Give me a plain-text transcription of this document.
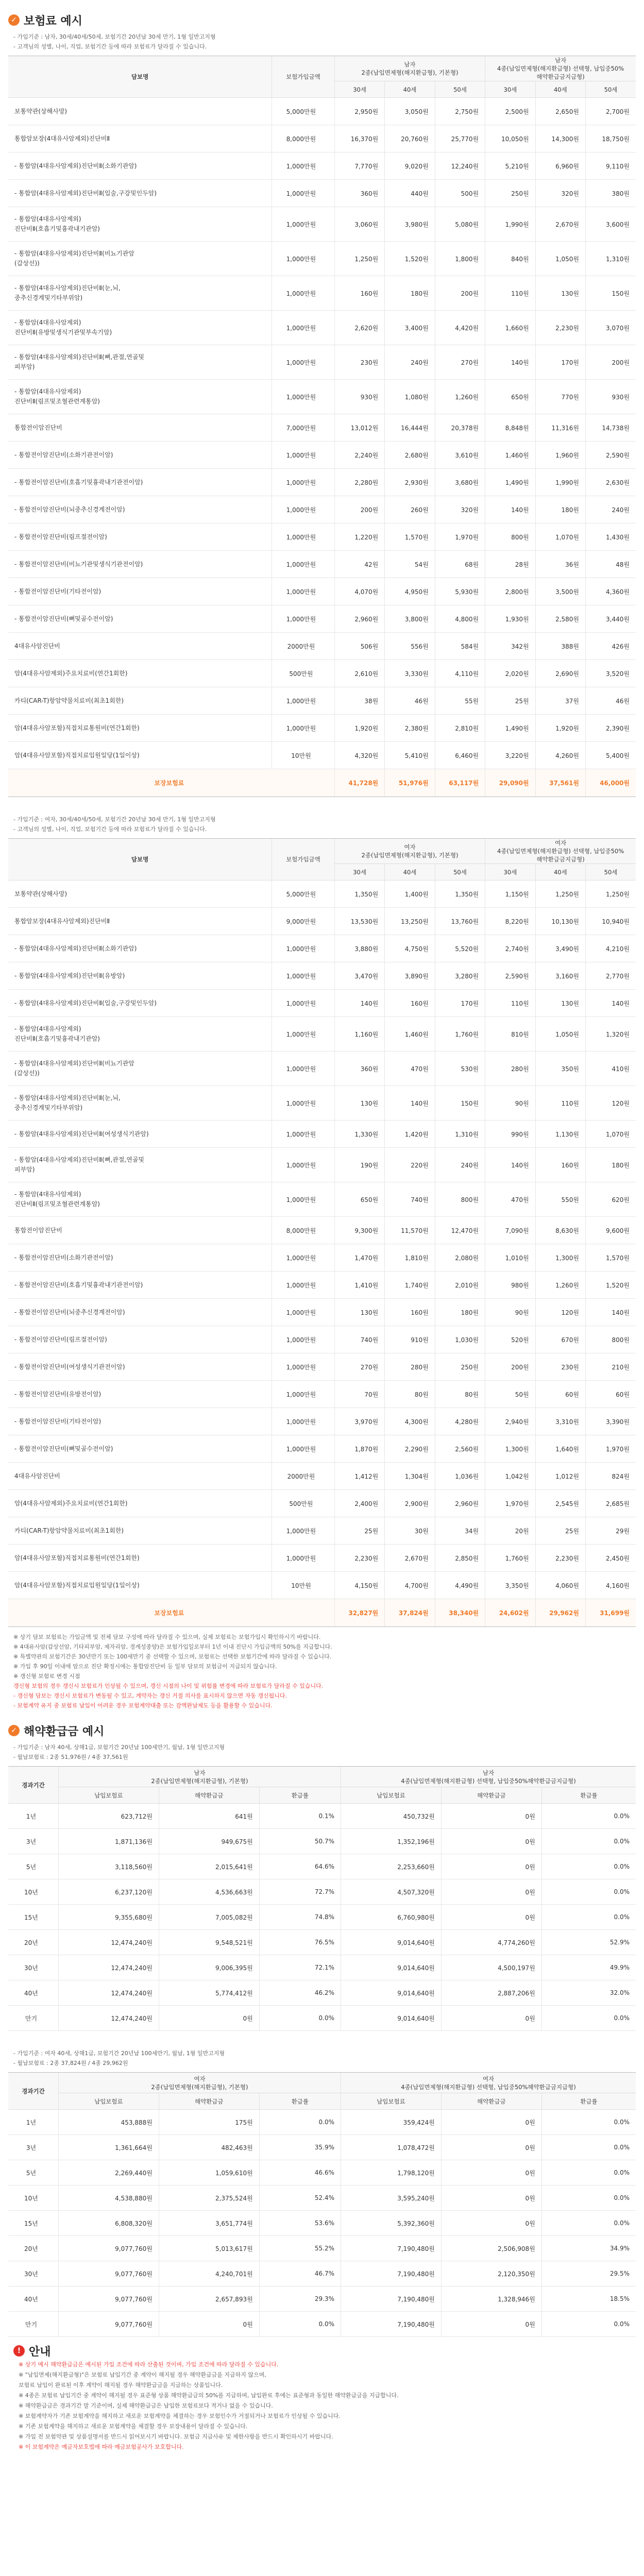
✓ 보험료 예시
- 가입기준 : 남자, 30세/40세/50세, 보험기간 20년납 30세 만기, 1형 일반고지형
- 고객님의 성별, 나이, 직업, 보험기간 등에 따라 보험료가 달라질 수 있습니다.
담보명	보험가입금액	남자
2종(납입면제형(해지환급형), 기본형)			남자
4종(납입면제형(해지환급형) 선택형, 납입중50%
해약환급금지급형)		
		30세	40세	50세	30세	40세	50세
보통약관(상해사망)	5,000만원	2,950원	3,050원	2,750원	2,500원	2,650원	2,700원
통합암보장(4대유사암제외)진단비Ⅱ	8,000만원	16,370원	20,760원	25,770원	10,050원	14,300원	18,750원
- 통합암(4대유사암제외)진단비Ⅱ(소화기관암)	1,000만원	7,770원	9,020원	12,240원	5,210원	6,960원	9,110원
- 통합암(4대유사암제외)진단비Ⅱ(입술,구강및인두암)	1,000만원	360원	440원	500원	250원	320원	380원
- 통합암(4대유사암제외)
진단비Ⅱ(호흡기및흉곽내기관암)	1,000만원	3,060원	3,980원	5,080원	1,990원	2,670원	3,600원
- 통합암(4대유사암제외)진단비Ⅱ(비뇨기관암
(갑상선))	1,000만원	1,250원	1,520원	1,800원	840원	1,050원	1,310원
- 통합암(4대유사암제외)진단비Ⅱ(눈,뇌,
중추신경계및기타부위암)	1,000만원	160원	180원	200원	110원	130원	150원
- 통합암(4대유사암제외)
진단비Ⅱ(유방및생식기관및부속기암)	1,000만원	2,620원	3,400원	4,420원	1,660원	2,230원	3,070원
- 통합암(4대유사암제외)진단비Ⅱ(뼈,관절,연골및
피부암)	1,000만원	230원	240원	270원	140원	170원	200원
- 통합암(4대유사암제외)
진단비Ⅱ(림프및조혈관련계통암)	1,000만원	930원	1,080원	1,260원	650원	770원	930원
통합전이암진단비	7,000만원	13,012원	16,444원	20,378원	8,848원	11,316원	14,738원
- 통합전이암진단비(소화기관전이암)	1,000만원	2,240원	2,680원	3,610원	1,460원	1,960원	2,590원
- 통합전이암진단비(호흡기및흉곽내기관전이암)	1,000만원	2,280원	2,930원	3,680원	1,490원	1,990원	2,630원
- 통합전이암진단비(뇌중추신경계전이암)	1,000만원	200원	260원	320원	140원	180원	240원
- 통합전이암진단비(림프절전이암)	1,000만원	1,220원	1,570원	1,970원	800원	1,070원	1,430원
- 통합전이암진단비(비뇨기관및생식기관전이암)	1,000만원	42원	54원	68원	28원	36원	48원
- 통합전이암진단비(기타전이암)	1,000만원	4,070원	4,950원	5,930원	2,800원	3,500원	4,360원
- 통합전이암진단비(뼈및골수전이암)	1,000만원	2,960원	3,800원	4,800원	1,930원	2,580원	3,440원
4대유사암진단비	2000만원	506원	556원	584원	342원	388원	426원
암(4대유사암제외)주요치료비(연간1회한)	500만원	2,610원	3,330원	4,110원	2,020원	2,690원	3,520원
카티(CAR-T)항암약물치료비(최초1회한)	1,000만원	38원	46원	55원	25원	37원	46원
암(4대유사암포함)직접치료통원비(연간1회한)	1,000만원	1,920원	2,380원	2,810원	1,490원	1,920원	2,390원
암(4대유사암포함)직접치료입원일당(1일이상)	10만원	4,320원	5,410원	6,460원	3,220원	4,260원	5,400원
보장보험료		41,728원	51,976원	63,117원	29,090원	37,561원	46,000원
- 가입기준 : 여자, 30세/40세/50세, 보험기간 20년납 30세 만기, 1형 일반고지형
- 고객님의 성별, 나이, 직업, 보험기간 등에 따라 보험료가 달라질 수 있습니다.
담보명	보험가입금액	여자
2종(납입면제형(해지환급형), 기본형)			여자
4종(납입면제형(해지환급형) 선택형, 납입중50%
해약환급금지급형)		
		30세	40세	50세	30세	40세	50세
보통약관(상해사망)	5,000만원	1,350원	1,400원	1,350원	1,150원	1,250원	1,250원
통합암보장(4대유사암제외)진단비Ⅱ	9,000만원	13,530원	13,250원	13,760원	8,220원	10,130원	10,940원
- 통합암(4대유사암제외)진단비Ⅱ(소화기관암)	1,000만원	3,880원	4,750원	5,520원	2,740원	3,490원	4,210원
- 통합암(4대유사암제외)진단비Ⅱ(유방암)	1,000만원	3,470원	3,890원	3,280원	2,590원	3,160원	2,770원
- 통합암(4대유사암제외)진단비Ⅱ(입술,구강및인두암)	1,000만원	140원	160원	170원	110원	130원	140원
- 통합암(4대유사암제외)
진단비Ⅱ(호흡기및흉곽내기관암)	1,000만원	1,160원	1,460원	1,760원	810원	1,050원	1,320원
- 통합암(4대유사암제외)진단비Ⅱ(비뇨기관암
(갑상선))	1,000만원	360원	470원	530원	280원	350원	410원
- 통합암(4대유사암제외)진단비Ⅱ(눈,뇌,
중추신경계및기타부위암)	1,000만원	130원	140원	150원	90원	110원	120원
- 통합암(4대유사암제외)진단비Ⅱ(여성생식기관암)	1,000만원	1,330원	1,420원	1,310원	990원	1,130원	1,070원
- 통합암(4대유사암제외)진단비Ⅱ(뼈,관절,연골및
피부암)	1,000만원	190원	220원	240원	140원	160원	180원
- 통합암(4대유사암제외)
진단비Ⅱ(림프및조혈관련계통암)	1,000만원	650원	740원	800원	470원	550원	620원
통합전이암진단비	8,000만원	9,300원	11,570원	12,470원	7,090원	8,630원	9,600원
- 통합전이암진단비(소화기관전이암)	1,000만원	1,470원	1,810원	2,080원	1,010원	1,300원	1,570원
- 통합전이암진단비(호흡기및흉곽내기관전이암)	1,000만원	1,410원	1,740원	2,010원	980원	1,260원	1,520원
- 통합전이암진단비(뇌중추신경계전이암)	1,000만원	130원	160원	180원	90원	120원	140원
- 통합전이암진단비(림프절전이암)	1,000만원	740원	910원	1,030원	520원	670원	800원
- 통합전이암진단비(여성생식기관전이암)	1,000만원	270원	280원	250원	200원	230원	210원
- 통합전이암진단비(유방전이암)	1,000만원	70원	80원	80원	50원	60원	60원
- 통합전이암진단비(기타전이암)	1,000만원	3,970원	4,300원	4,280원	2,940원	3,310원	3,390원
- 통합전이암진단비(뼈및골수전이암)	1,000만원	1,870원	2,290원	2,560원	1,300원	1,640원	1,970원
4대유사암진단비	2000만원	1,412원	1,304원	1,036원	1,042원	1,012원	824원
암(4대유사암제외)주요치료비(연간1회한)	500만원	2,400원	2,900원	2,960원	1,970원	2,545원	2,685원
카티(CAR-T)항암약물치료비(최초1회한)	1,000만원	25원	30원	34원	20원	25원	29원
암(4대유사암포함)직접치료통원비(연간1회한)	1,000만원	2,230원	2,670원	2,850원	1,760원	2,230원	2,450원
암(4대유사암포함)직접치료입원일당(1일이상)	10만원	4,150원	4,700원	4,490원	3,350원	4,060원	4,160원
보장보험료		32,827원	37,824원	38,340원	24,602원	29,962원	31,699원
※ 상기 담보 보험료는 가입금액 및 전체 담보 구성에 따라 달라질 수 있으며, 실제 보험료는 보험가입시 확인하시기 바랍니다.
※ 4대유사암(갑상선암, 기타피부암, 제자리암, 경계성종양)은 보험가입일로부터 1년 이내 진단시 가입금액의 50%를 지급합니다.
※ 특별약관의 보험기간은 30년만기 또는 100세만기 중 선택할 수 있으며, 보험료는 선택한 보험기간에 따라 달라질 수 있습니다.
※ 가입 후 90일 이내에 암으로 진단 확정시에는 통합암진단비 등 일부 담보의 보험금이 지급되지 않습니다.
※ 갱신형 보험료 변경 시점
갱신형 보험의 경우 갱신시 보험료가 인상될 수 있으며, 갱신 시점의 나이 및 위험률 변경에 따라 보험료가 달라질 수 있습니다.
- 갱신형 담보는 갱신시 보험료가 변동될 수 있고, 계약자는 갱신 거절 의사를 표시하지 않으면 자동 갱신됩니다.
- 보험계약 유지 중 보험료 납입이 어려운 경우 보험계약대출 또는 감액완납제도 등을 활용할 수 있습니다.
✓ 해약환급금 예시
- 가입기준 : 남자 40세, 상해1급, 보험기간 20년납 100세만기, 월납, 1형 일반고지형
- 월납보험료 : 2종 51,976원 / 4종 37,561원
경과기간	남자
2종(납입면제형(해지환급형), 기본형)			남자
4종(납입면제형(해지환급형) 선택형, 납입중50%해약환급금지급형)		
	납입보험료	해약환급금	환급률	납입보험료	해약환급금	환급률
1년	623,712원	641원	0.1%	450,732원	0원	0.0%
3년	1,871,136원	949,675원	50.7%	1,352,196원	0원	0.0%
5년	3,118,560원	2,015,641원	64.6%	2,253,660원	0원	0.0%
10년	6,237,120원	4,536,663원	72.7%	4,507,320원	0원	0.0%
15년	9,355,680원	7,005,082원	74.8%	6,760,980원	0원	0.0%
20년	12,474,240원	9,548,521원	76.5%	9,014,640원	4,774,260원	52.9%
30년	12,474,240원	9,006,395원	72.1%	9,014,640원	4,500,197원	49.9%
40년	12,474,240원	5,774,412원	46.2%	9,014,640원	2,887,206원	32.0%
만기	12,474,240원	0원	0.0%	9,014,640원	0원	0.0%
- 가입기준 : 여자 40세, 상해1급, 보험기간 20년납 100세만기, 월납, 1형 일반고지형
- 월납보험료 : 2종 37,824원 / 4종 29,962원
경과기간	여자
2종(납입면제형(해지환급형), 기본형)			여자
4종(납입면제형(해지환급형) 선택형, 납입중50%해약환급금지급형)		
	납입보험료	해약환급금	환급률	납입보험료	해약환급금	환급률
1년	453,888원	175원	0.0%	359,424원	0원	0.0%
3년	1,361,664원	482,463원	35.9%	1,078,472원	0원	0.0%
5년	2,269,440원	1,059,610원	46.6%	1,798,120원	0원	0.0%
10년	4,538,880원	2,375,524원	52.4%	3,595,240원	0원	0.0%
15년	6,808,320원	3,651,774원	53.6%	5,392,360원	0원	0.0%
20년	9,077,760원	5,013,617원	55.2%	7,190,480원	2,506,908원	34.9%
30년	9,077,760원	4,240,701원	46.7%	7,190,480원	2,120,350원	29.5%
40년	9,077,760원	2,657,893원	29.3%	7,190,480원	1,328,946원	18.5%
만기	9,077,760원	0원	0.0%	7,190,480원	0원	0.0%
! 안내
※ 상기 예시 해약환급금은 예시된 가입 조건에 따라 산출된 것이며, 가입 조건에 따라 달라질 수 있습니다.
※ "납입면제(해지환급형)"은 보험료 납입기간 중 계약이 해지될 경우 해약환급금을 지급하지 않으며,
보험료 납입이 완료된 이후 계약이 해지될 경우 해약환급금을 지급하는 상품입니다.
※ 4종은 보험료 납입기간 중 계약이 해지될 경우 표준형 상품 해약환급금의 50%를 지급하며, 납입완료 후에는 표준형과 동일한 해약환급금을 지급합니다.
※ 해약환급금은 경과기간 말 기준이며, 실제 해약환급금은 납입한 보험료보다 적거나 없을 수 있습니다.
※ 보험계약자가 기존 보험계약을 해지하고 새로운 보험계약을 체결하는 경우 보험인수가 거절되거나 보험료가 인상될 수 있습니다.
※ 기존 보험계약을 해지하고 새로운 보험계약을 체결할 경우 보장내용이 달라질 수 있습니다.
※ 가입 전 보험약관 및 상품설명서를 반드시 읽어보시기 바랍니다. 보험금 지급사유 및 제한사항을 반드시 확인하시기 바랍니다.
※ 이 보험계약은 예금자보호법에 따라 예금보험공사가 보호합니다.
